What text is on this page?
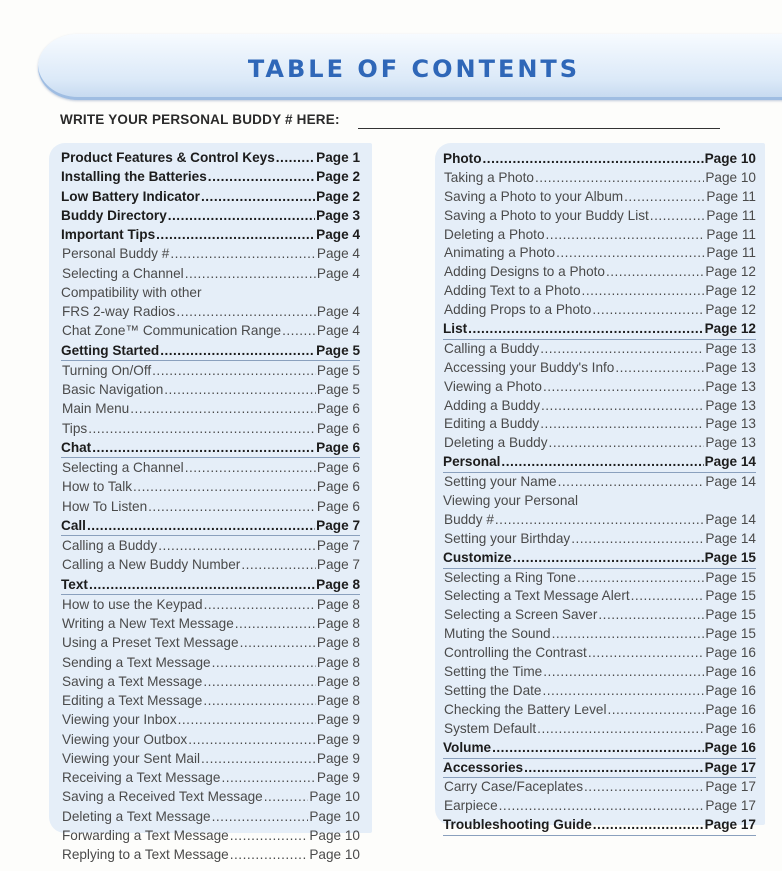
TABLE OF CONTENTS
WRITE YOUR PERSONAL BUDDY # HERE:
Product Features & Control Keys .....	Page 1
Installing the Batteries .....	Page 2
Low Battery Indicator .....	Page 2
Buddy Directory .....	Page 3
Important Tips .....	Page 4
Personal Buddy # .....	Page 4
Selecting a Channel .....	Page 4
Compatibility with other
FRS 2-way Radios .....	Page 4
Chat Zone™ Communication Range .....	Page 4
Getting Started .....	Page 5
Turning On/Off .....	Page 5
Basic Navigation .....	Page 5
Main Menu .....	Page 6
Tips .....	Page 6
Chat .....	Page 6
Selecting a Channel .....	Page 6
How to Talk .....	Page 6
How To Listen .....	Page 6
Call .....	Page 7
Calling a Buddy .....	Page 7
Calling a New Buddy Number .....	Page 7
Text .....	Page 8
How to use the Keypad .....	Page 8
Writing a New Text Message .....	Page 8
Using a Preset Text Message .....	Page 8
Sending a Text Message .....	Page 8
Saving a Text Message .....	Page 8
Editing a Text Message .....	Page 8
Viewing your Inbox .....	Page 9
Viewing your Outbox .....	Page 9
Viewing your Sent Mail .....	Page 9
Receiving a Text Message .....	Page 9
Saving a Received Text Message .....	Page 10
Deleting a Text Message .....	Page 10
Forwarding a Text Message .....	Page 10
Replying to a Text Message .....	Page 10
Photo .....	Page 10
Taking a Photo .....	Page 10
Saving a Photo to your Album .....	Page 11
Saving a Photo to your Buddy List .....	Page 11
Deleting a Photo .....	Page 11
Animating a Photo .....	Page 11
Adding Designs to a Photo .....	Page 12
Adding Text to a Photo .....	Page 12
Adding Props to a Photo .....	Page 12
List .....	Page 12
Calling a Buddy .....	Page 13
Accessing your Buddy's Info .....	Page 13
Viewing a Photo .....	Page 13
Adding a Buddy .....	Page 13
Editing a Buddy .....	Page 13
Deleting a Buddy .....	Page 13
Personal .....	Page 14
Setting your Name .....	Page 14
Viewing your Personal
Buddy # .....	Page 14
Setting your Birthday .....	Page 14
Customize .....	Page 15
Selecting a Ring Tone .....	Page 15
Selecting a Text Message Alert .....	Page 15
Selecting a Screen Saver .....	Page 15
Muting the Sound .....	Page 15
Controlling the Contrast .....	Page 16
Setting the Time .....	Page 16
Setting the Date .....	Page 16
Checking the Battery Level .....	Page 16
System Default .....	Page 16
Volume .....	Page 16
Accessories .....	Page 17
Carry Case/Faceplates .....	Page 17
Earpiece .....	Page 17
Troubleshooting Guide .....	Page 17
